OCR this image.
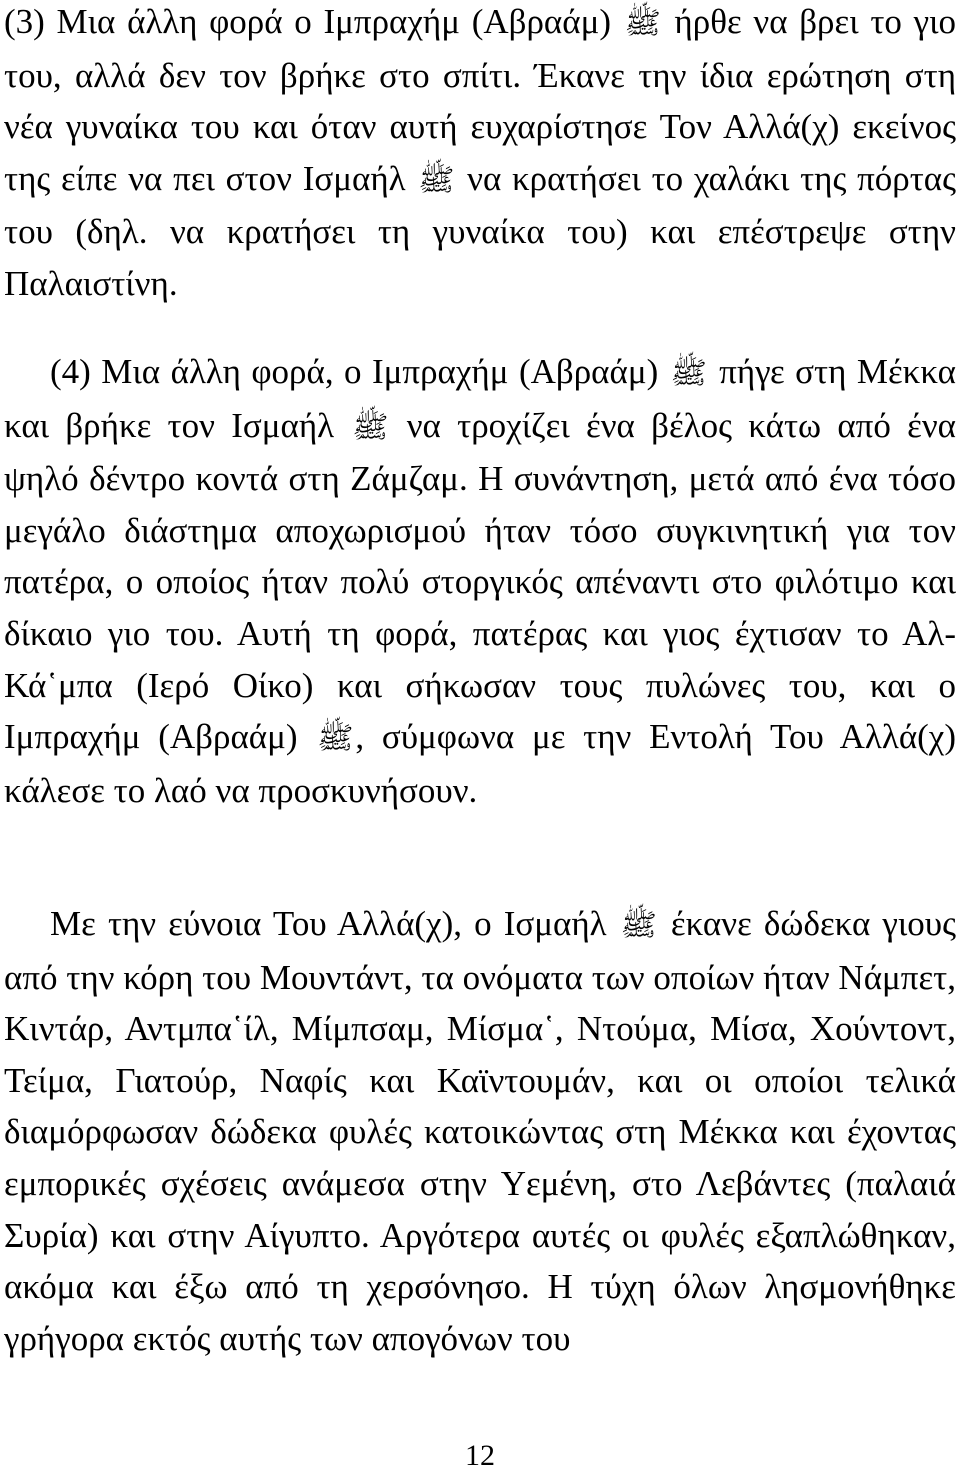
(3) Μια άλλη φορά ο Ιμπραχήμ (Αβραάμ) ﷺ ήρθε να βρει το γιο του, αλλά δεν τον βρήκε στο σπίτι. Έκανε την ίδια ερώτηση στη νέα γυναίκα του και όταν αυτή ευχαρίστησε Τον Αλλά(χ) εκείνος της είπε να πει στον Ισμαήλ ﷺ να κρατήσει το χαλάκι της πόρτας του (δηλ. να κρατήσει τη γυναίκα του) και επέστρεψε στην Παλαιστίνη.

(4) Μια άλλη φορά, ο Ιμπραχήμ (Αβραάμ) ﷺ πήγε στη Μέκκα και βρήκε τον Ισμαήλ ﷺ να τροχίζει ένα βέλος κάτω από ένα ψηλό δέντρο κοντά στη Ζάμζαμ. Η συνάντηση, μετά από ένα τόσο μεγάλο διάστημα αποχωρισμού ήταν τόσο συγκινητική για τον πατέρα, ο οποίος ήταν πολύ στοργικός απέναντι στο φιλότιμο και δίκαιο γιο του. Αυτή τη φορά, πατέρας και γιος έχτισαν το Αλ-Κά῾μπα (Ιερό Οίκο) και σήκωσαν τους πυλώνες του, και ο Ιμπραχήμ (Αβραάμ) ﷺ, σύμφωνα με την Εντολή Του Αλλά(χ) κάλεσε το λαό να προσκυνήσουν.

Με την εύνοια Του Αλλά(χ), ο Ισμαήλ ﷺ έκανε δώδεκα γιους από την κόρη του Μουντάντ, τα ονόματα των οποίων ήταν Νάμπετ, Κιντάρ, Αντμπα῾ίλ, Μίμπσαμ, Μίσμα῾, Ντούμα, Μίσα, Χούντοντ, Τείμα, Γιατούρ, Ναφίς και Καϊντουμάν, και οι οποίοι τελικά διαμόρφωσαν δώδεκα φυλές κατοικώντας στη Μέκκα και έχοντας εμπορικές σχέσεις ανάμεσα στην Υεμένη, στο Λεβάντες (παλαιά Συρία) και στην Αίγυπτο. Αργότερα αυτές οι φυλές εξαπλώθηκαν, ακόμα και έξω από τη χερσόνησο. Η τύχη όλων λησμονήθηκε γρήγορα εκτός αυτής των απογόνων του

12
